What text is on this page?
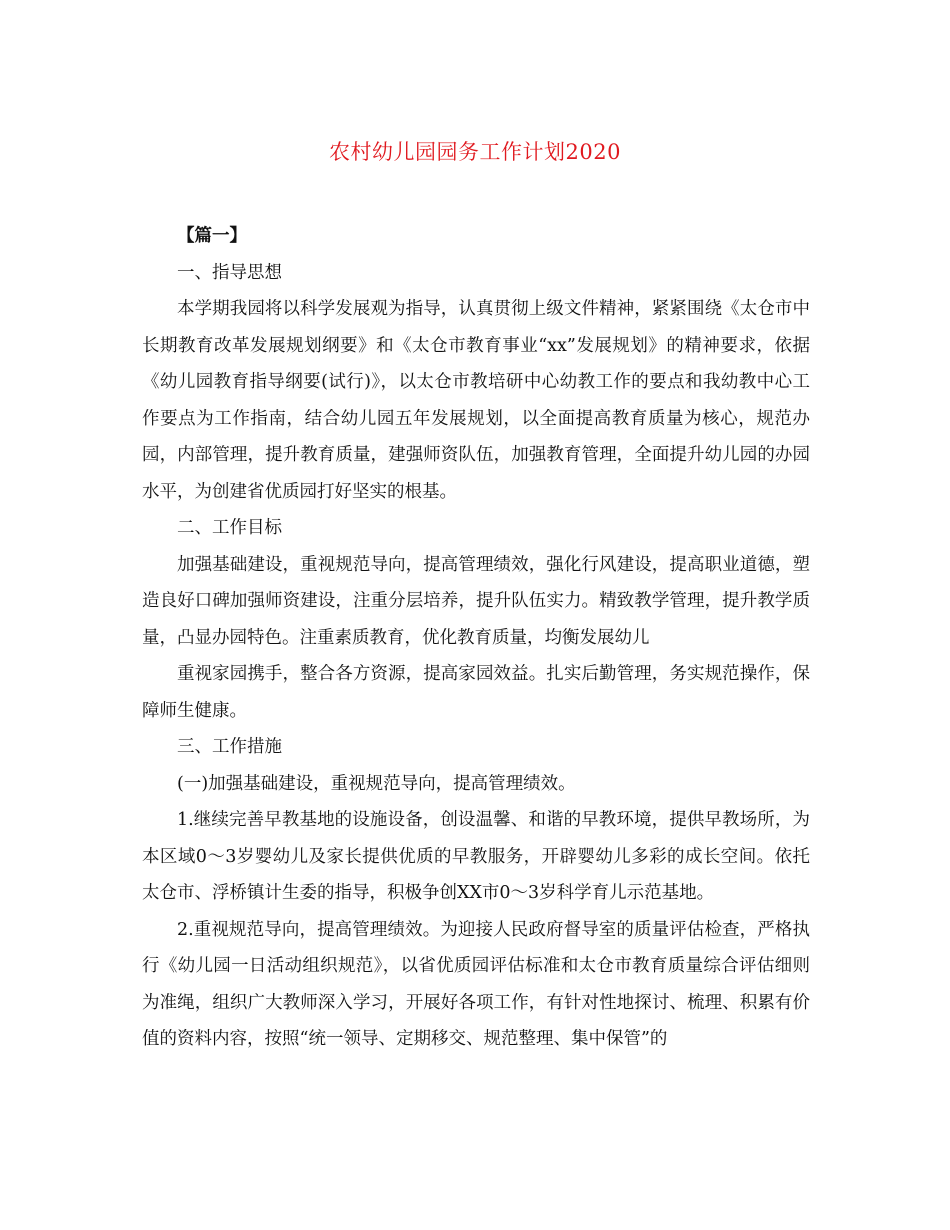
农村幼儿园园务工作计划2020

【篇一】

一、指导思想

本学期我园将以科学发展观为指导，认真贯彻上级文件精神，紧紧围绕《太仓市中长期教育改革发展规划纲要》和《太仓市教育事业“xx”发展规划》的精神要求，依据《幼儿园教育指导纲要(试行)》，以太仓市教培研中心幼教工作的要点和我幼教中心工作要点为工作指南，结合幼儿园五年发展规划，以全面提高教育质量为核心，规范办园，内部管理，提升教育质量，建强师资队伍，加强教育管理，全面提升幼儿园的办园水平，为创建省优质园打好坚实的根基。

二、工作目标

加强基础建设，重视规范导向，提高管理绩效，强化行风建设，提高职业道德，塑造良好口碑加强师资建设，注重分层培养，提升队伍实力。精致教学管理，提升教学质量，凸显办园特色。注重素质教育，优化教育质量，均衡发展幼儿

重视家园携手，整合各方资源，提高家园效益。扎实后勤管理，务实规范操作，保障师生健康。

三、工作措施

(一)加强基础建设，重视规范导向，提高管理绩效。

1.继续完善早教基地的设施设备，创设温馨、和谐的早教环境，提供早教场所，为本区域0～3岁婴幼儿及家长提供优质的早教服务，开辟婴幼儿多彩的成长空间。依托太仓市、浮桥镇计生委的指导，积极争创XX市0～3岁科学育儿示范基地。

2.重视规范导向，提高管理绩效。为迎接人民政府督导室的质量评估检查，严格执行《幼儿园一日活动组织规范》，以省优质园评估标准和太仓市教育质量综合评估细则为准绳，组织广大教师深入学习，开展好各项工作，有针对性地探讨、梳理、积累有价值的资料内容，按照“统一领导、定期移交、规范整理、集中保管”的
